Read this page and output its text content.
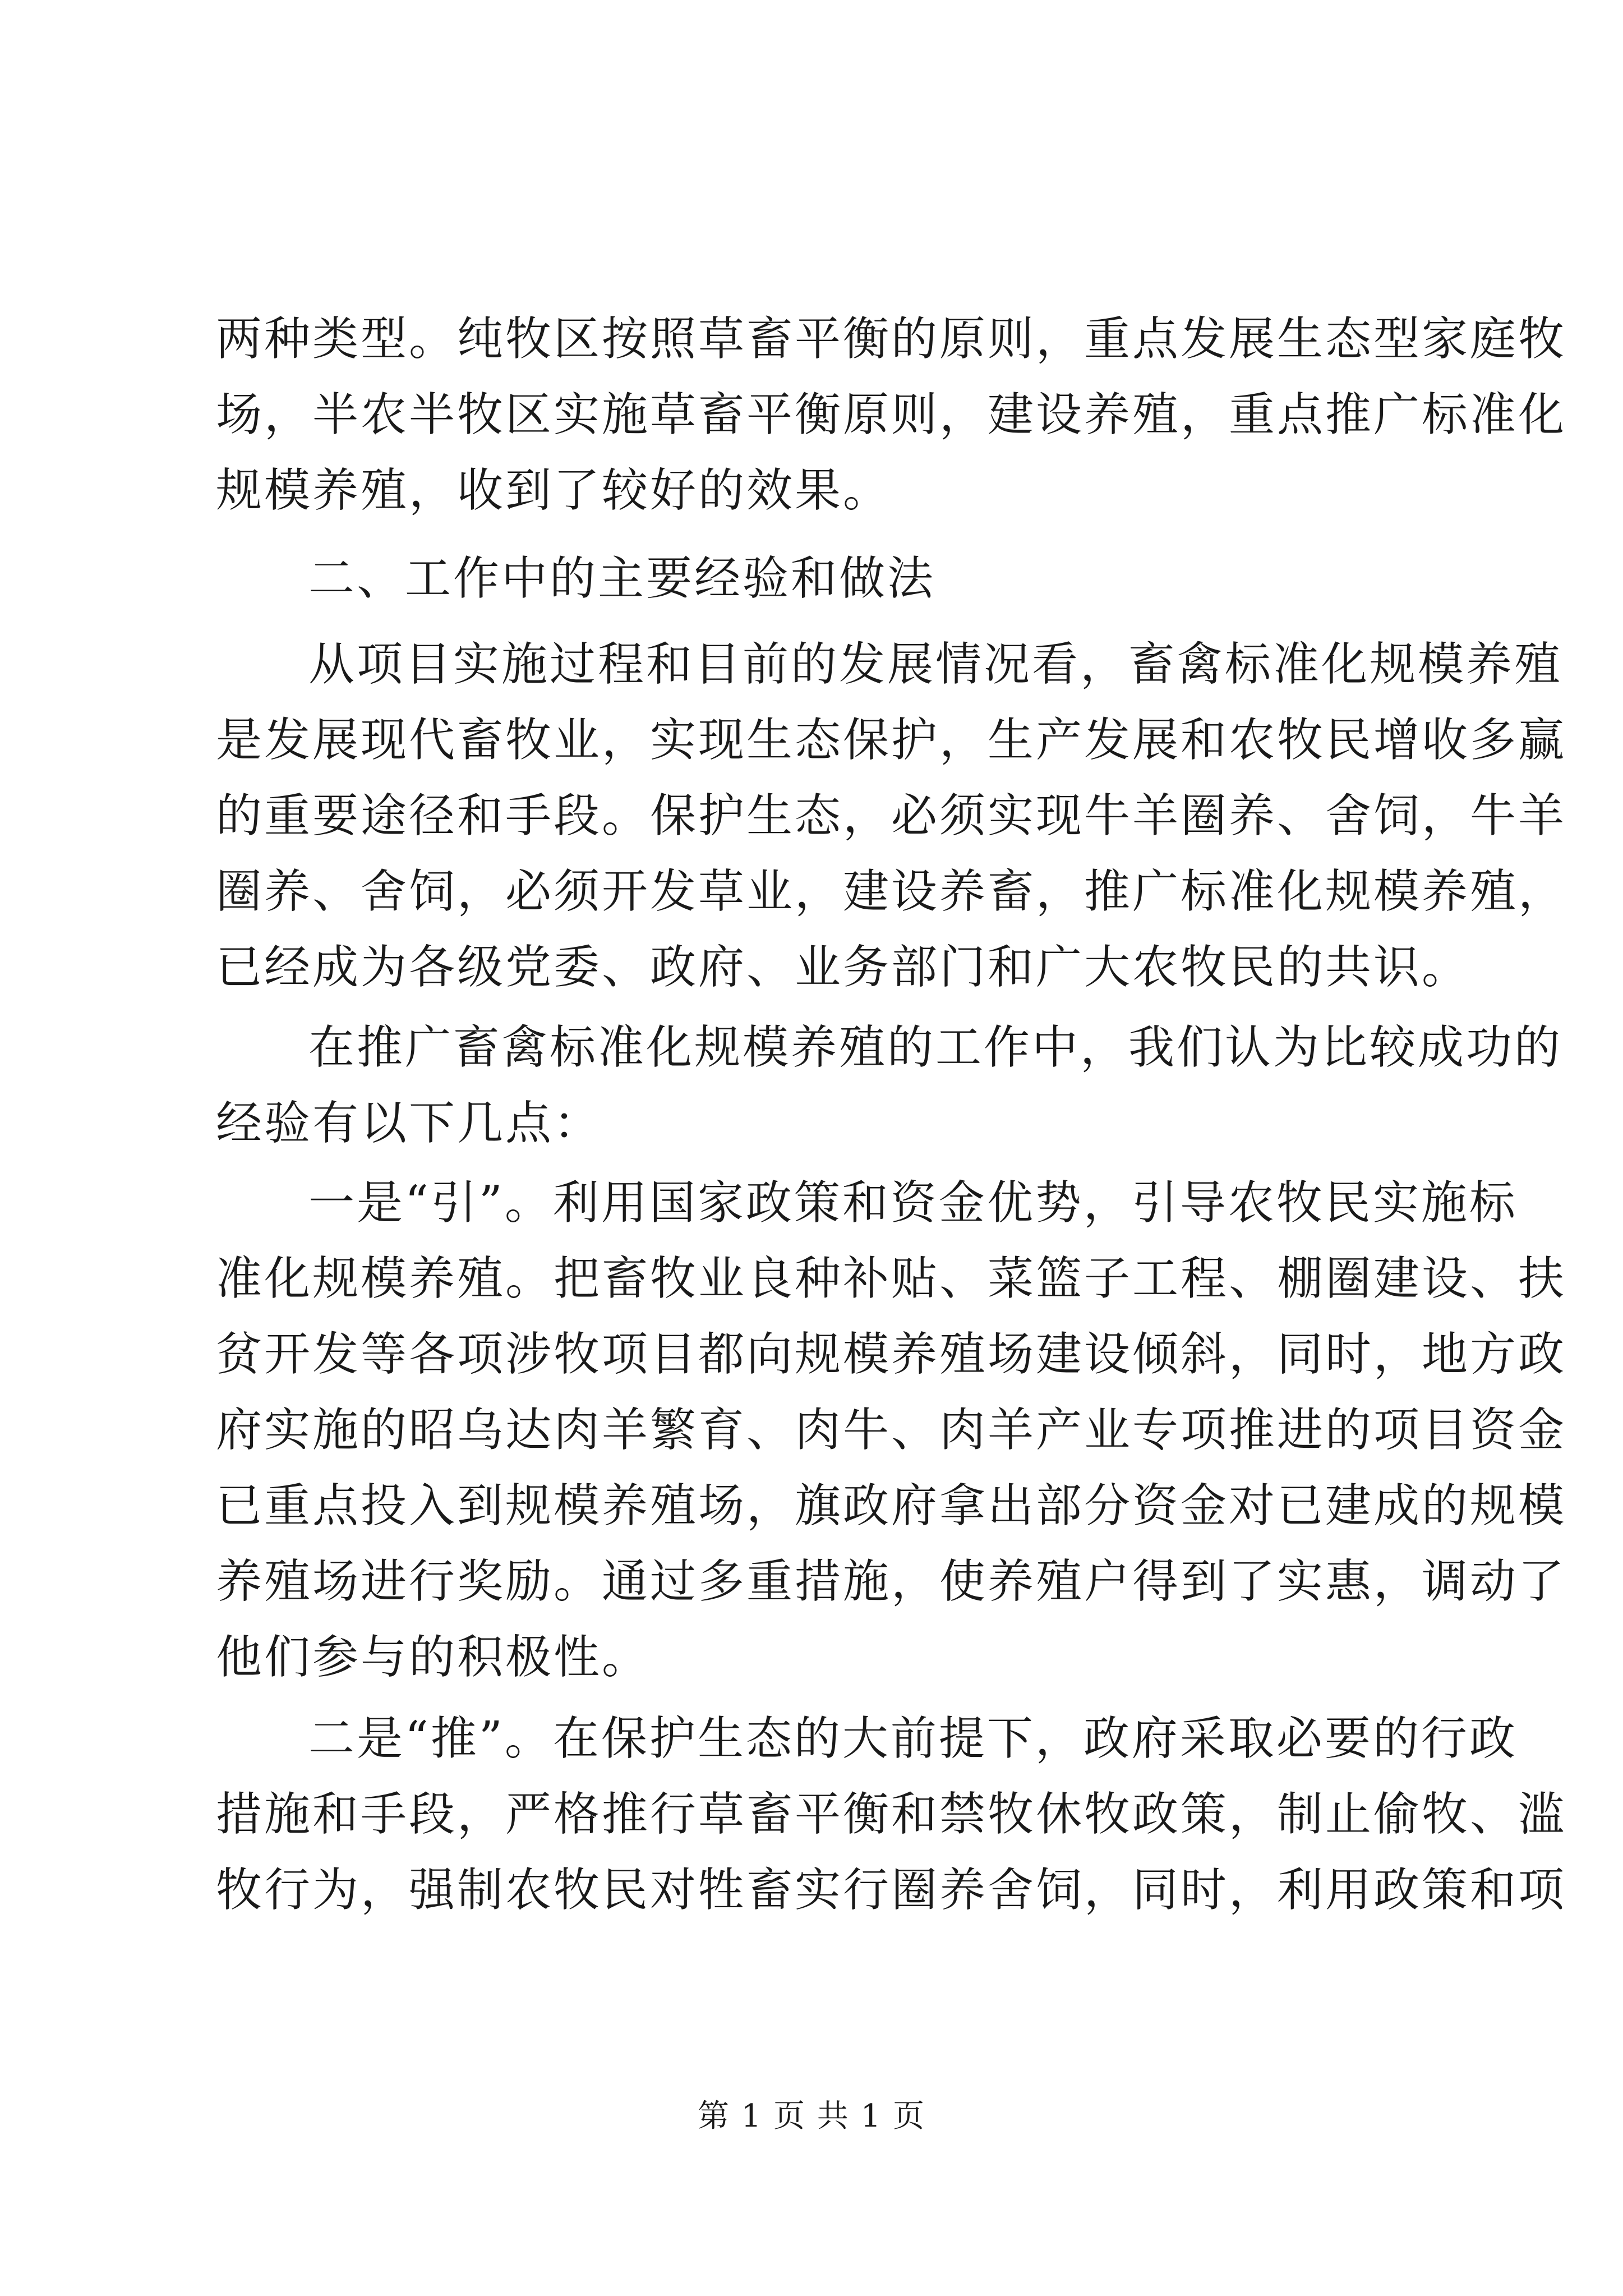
两种类型。纯牧区按照草畜平衡的原则，重点发展生态型家庭牧
场，半农半牧区实施草畜平衡原则，建设养殖，重点推广标准化
规模养殖，收到了较好的效果。
二、工作中的主要经验和做法
从项目实施过程和目前的发展情况看，畜禽标准化规模养殖
是发展现代畜牧业，实现生态保护，生产发展和农牧民增收多赢
的重要途径和手段。保护生态，必须实现牛羊圈养、舍饲，牛羊
圈养、舍饲，必须开发草业，建设养畜，推广标准化规模养殖，
已经成为各级党委、政府、业务部门和广大农牧民的共识。
在推广畜禽标准化规模养殖的工作中，我们认为比较成功的
经验有以下几点：
一是“引”。利用国家政策和资金优势，引导农牧民实施标
准化规模养殖。把畜牧业良种补贴、菜篮子工程、棚圈建设、扶
贫开发等各项涉牧项目都向规模养殖场建设倾斜，同时，地方政
府实施的昭乌达肉羊繁育、肉牛、肉羊产业专项推进的项目资金
已重点投入到规模养殖场，旗政府拿出部分资金对已建成的规模
养殖场进行奖励。通过多重措施，使养殖户得到了实惠，调动了
他们参与的积极性。
二是“推”。在保护生态的大前提下，政府采取必要的行政
措施和手段，严格推行草畜平衡和禁牧休牧政策，制止偷牧、滥
牧行为，强制农牧民对牲畜实行圈养舍饲，同时，利用政策和项
第 1 页 共 1 页
